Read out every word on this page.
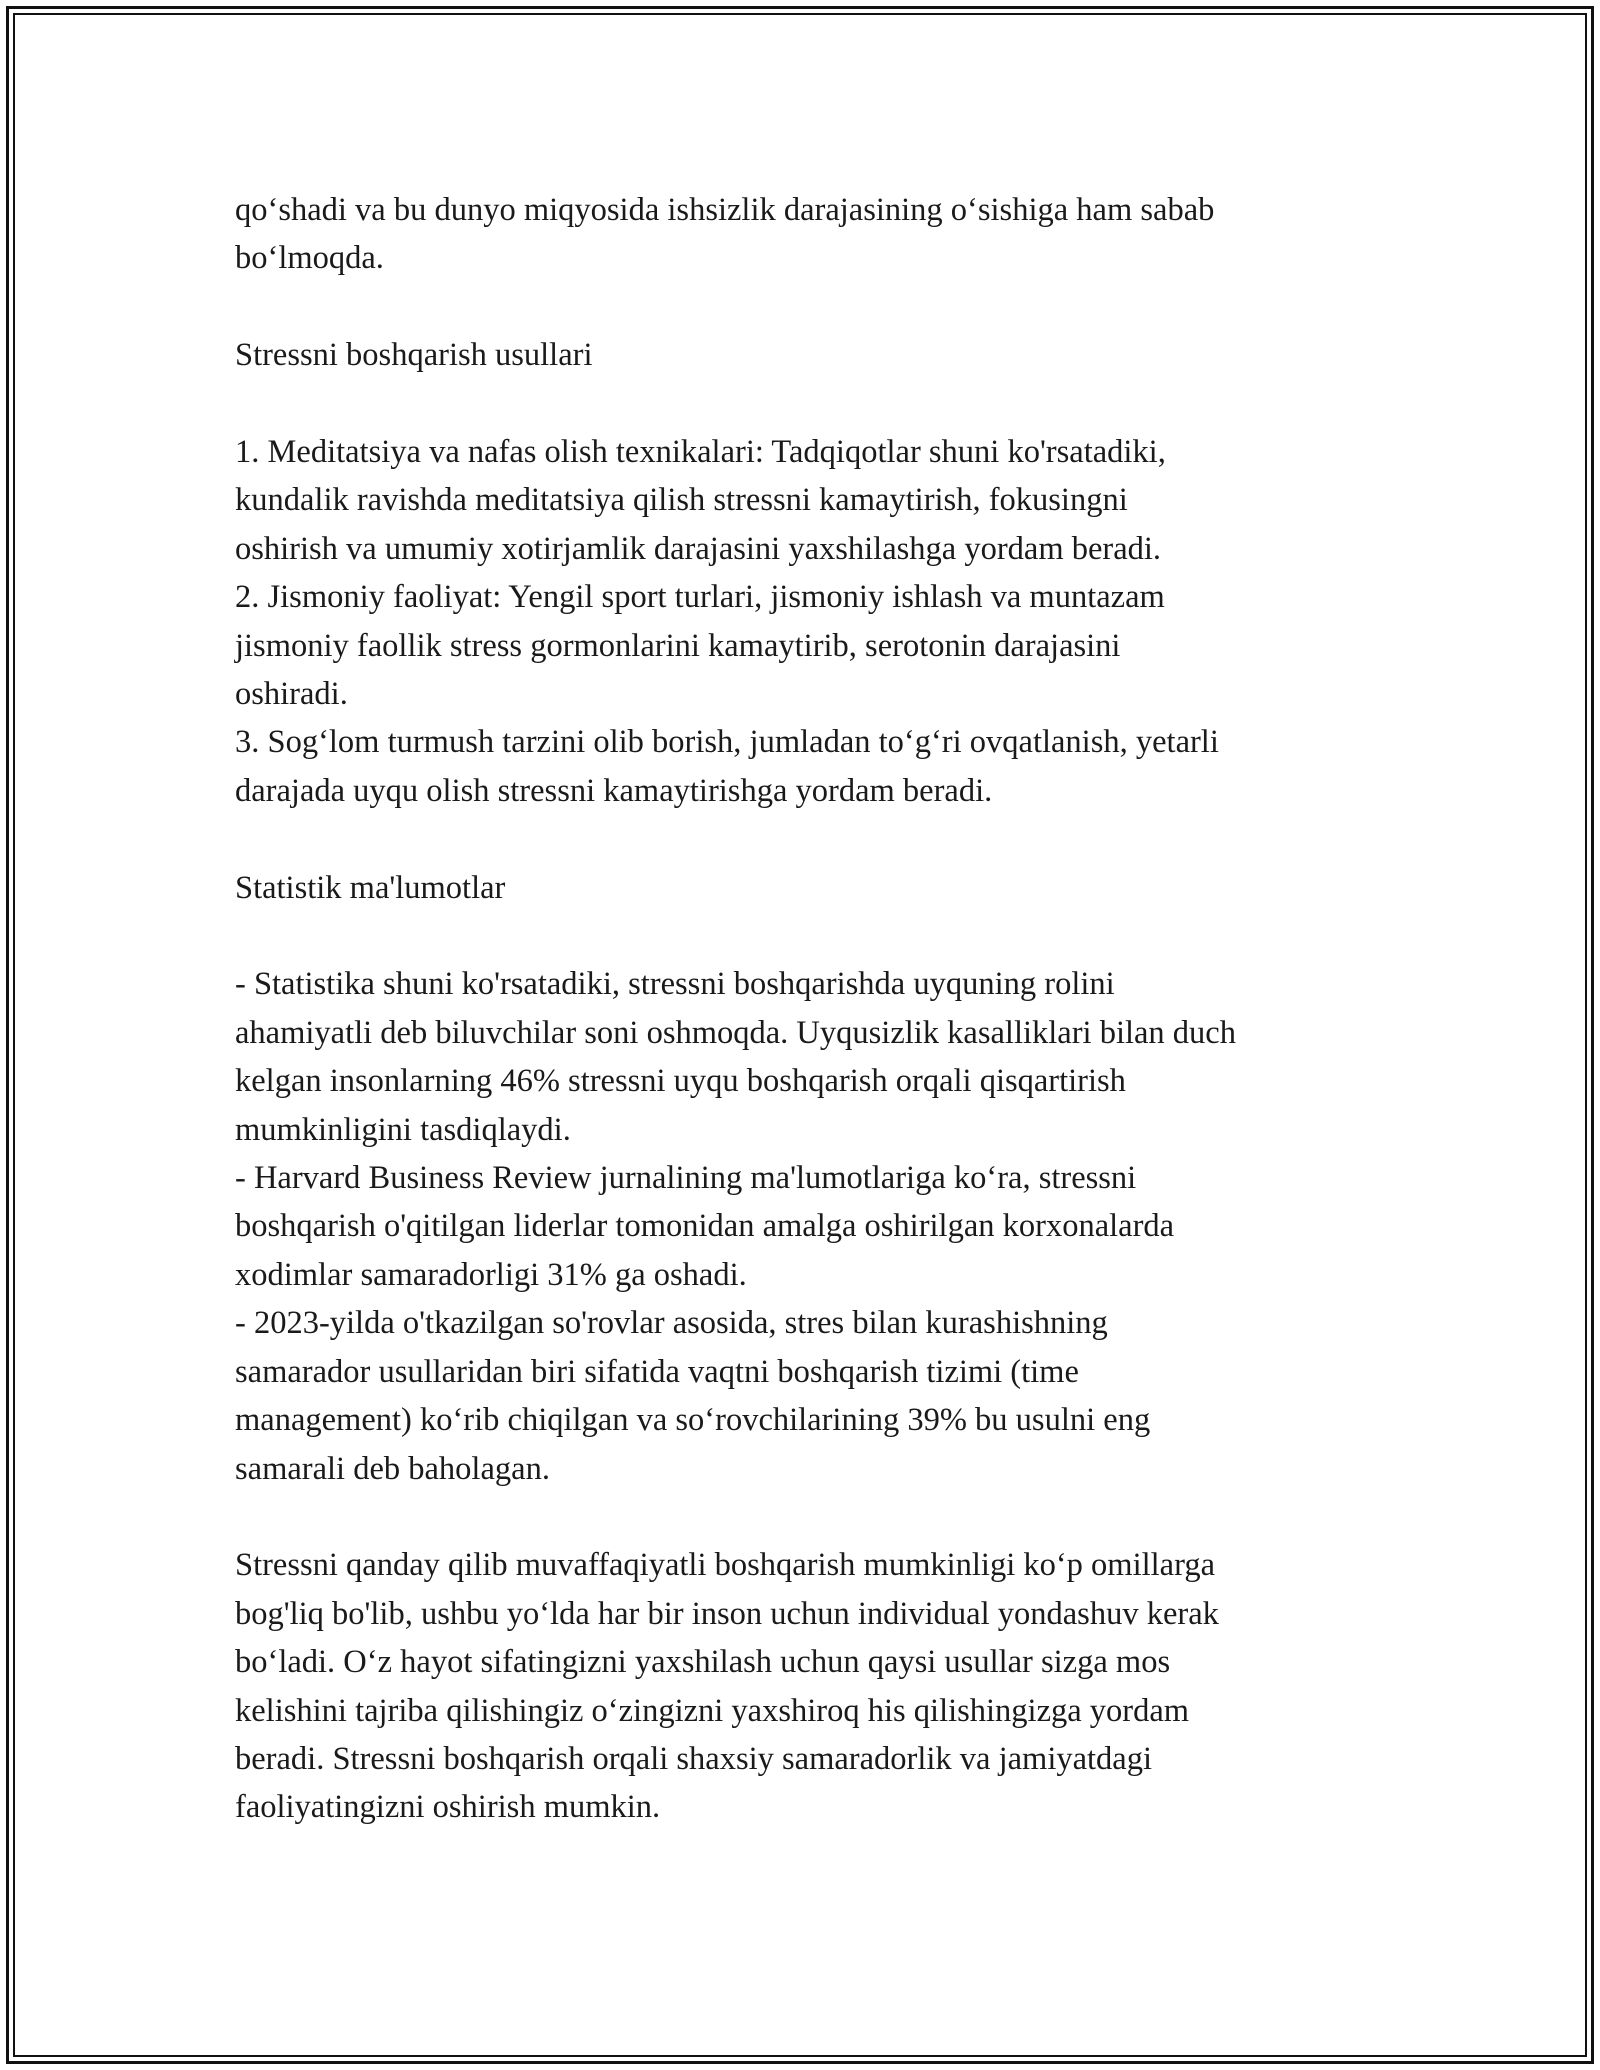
qo‘shadi va bu dunyo miqyosida ishsizlik darajasining o‘sishiga ham sabab

bo‘lmoqda.

Stressni boshqarish usullari

1. Meditatsiya va nafas olish texnikalari: Tadqiqotlar shuni ko'rsatadiki,

kundalik ravishda meditatsiya qilish stressni kamaytirish, fokusingni

oshirish va umumiy xotirjamlik darajasini yaxshilashga yordam beradi.

2. Jismoniy faoliyat: Yengil sport turlari, jismoniy ishlash va muntazam

jismoniy faollik stress gormonlarini kamaytirib, serotonin darajasini

oshiradi.

3. Sog‘lom turmush tarzini olib borish, jumladan to‘g‘ri ovqatlanish, yetarli

darajada uyqu olish stressni kamaytirishga yordam beradi.

Statistik ma'lumotlar

- Statistika shuni ko'rsatadiki, stressni boshqarishda uyquning rolini

ahamiyatli deb biluvchilar soni oshmoqda. Uyqusizlik kasalliklari bilan duch

kelgan insonlarning 46% stressni uyqu boshqarish orqali qisqartirish

mumkinligini tasdiqlaydi.

- Harvard Business Review jurnalining ma'lumotlariga ko‘ra, stressni

boshqarish o'qitilgan liderlar tomonidan amalga oshirilgan korxonalarda

xodimlar samaradorligi 31% ga oshadi.

- 2023-yilda o'tkazilgan so'rovlar asosida, stres bilan kurashishning

samarador usullaridan biri sifatida vaqtni boshqarish tizimi (time

management) ko‘rib chiqilgan va so‘rovchilarining 39% bu usulni eng

samarali deb baholagan.

Stressni qanday qilib muvaffaqiyatli boshqarish mumkinligi ko‘p omillarga

bog'liq bo'lib, ushbu yo‘lda har bir inson uchun individual yondashuv kerak

bo‘ladi. O‘z hayot sifatingizni yaxshilash uchun qaysi usullar sizga mos

kelishini tajriba qilishingiz o‘zingizni yaxshiroq his qilishingizga yordam

beradi. Stressni boshqarish orqali shaxsiy samaradorlik va jamiyatdagi

faoliyatingizni oshirish mumkin.
